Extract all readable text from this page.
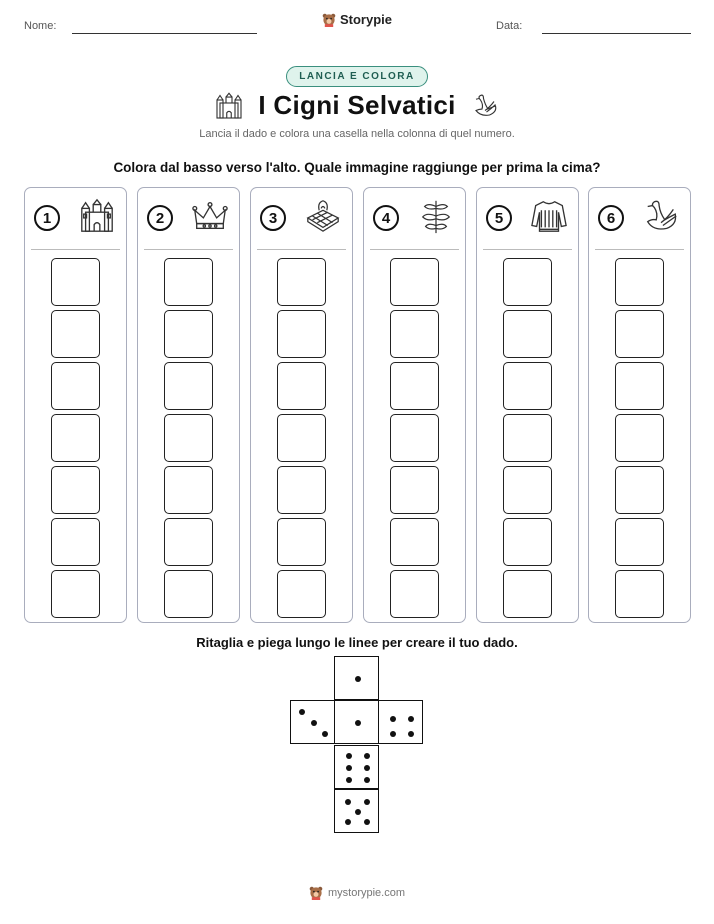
Nome:	Storypie	Data:
LANCIA E COLORA
I Cigni Selvatici
Lancia il dado e colora una casella nella colonna di quel numero.
Colora dal basso verso l'alto. Quale immagine raggiunge per prima la cima?
1	2	3	4	5	6
Ritaglia e piega lungo le linee per creare il tuo dado.
mystorypie.com
